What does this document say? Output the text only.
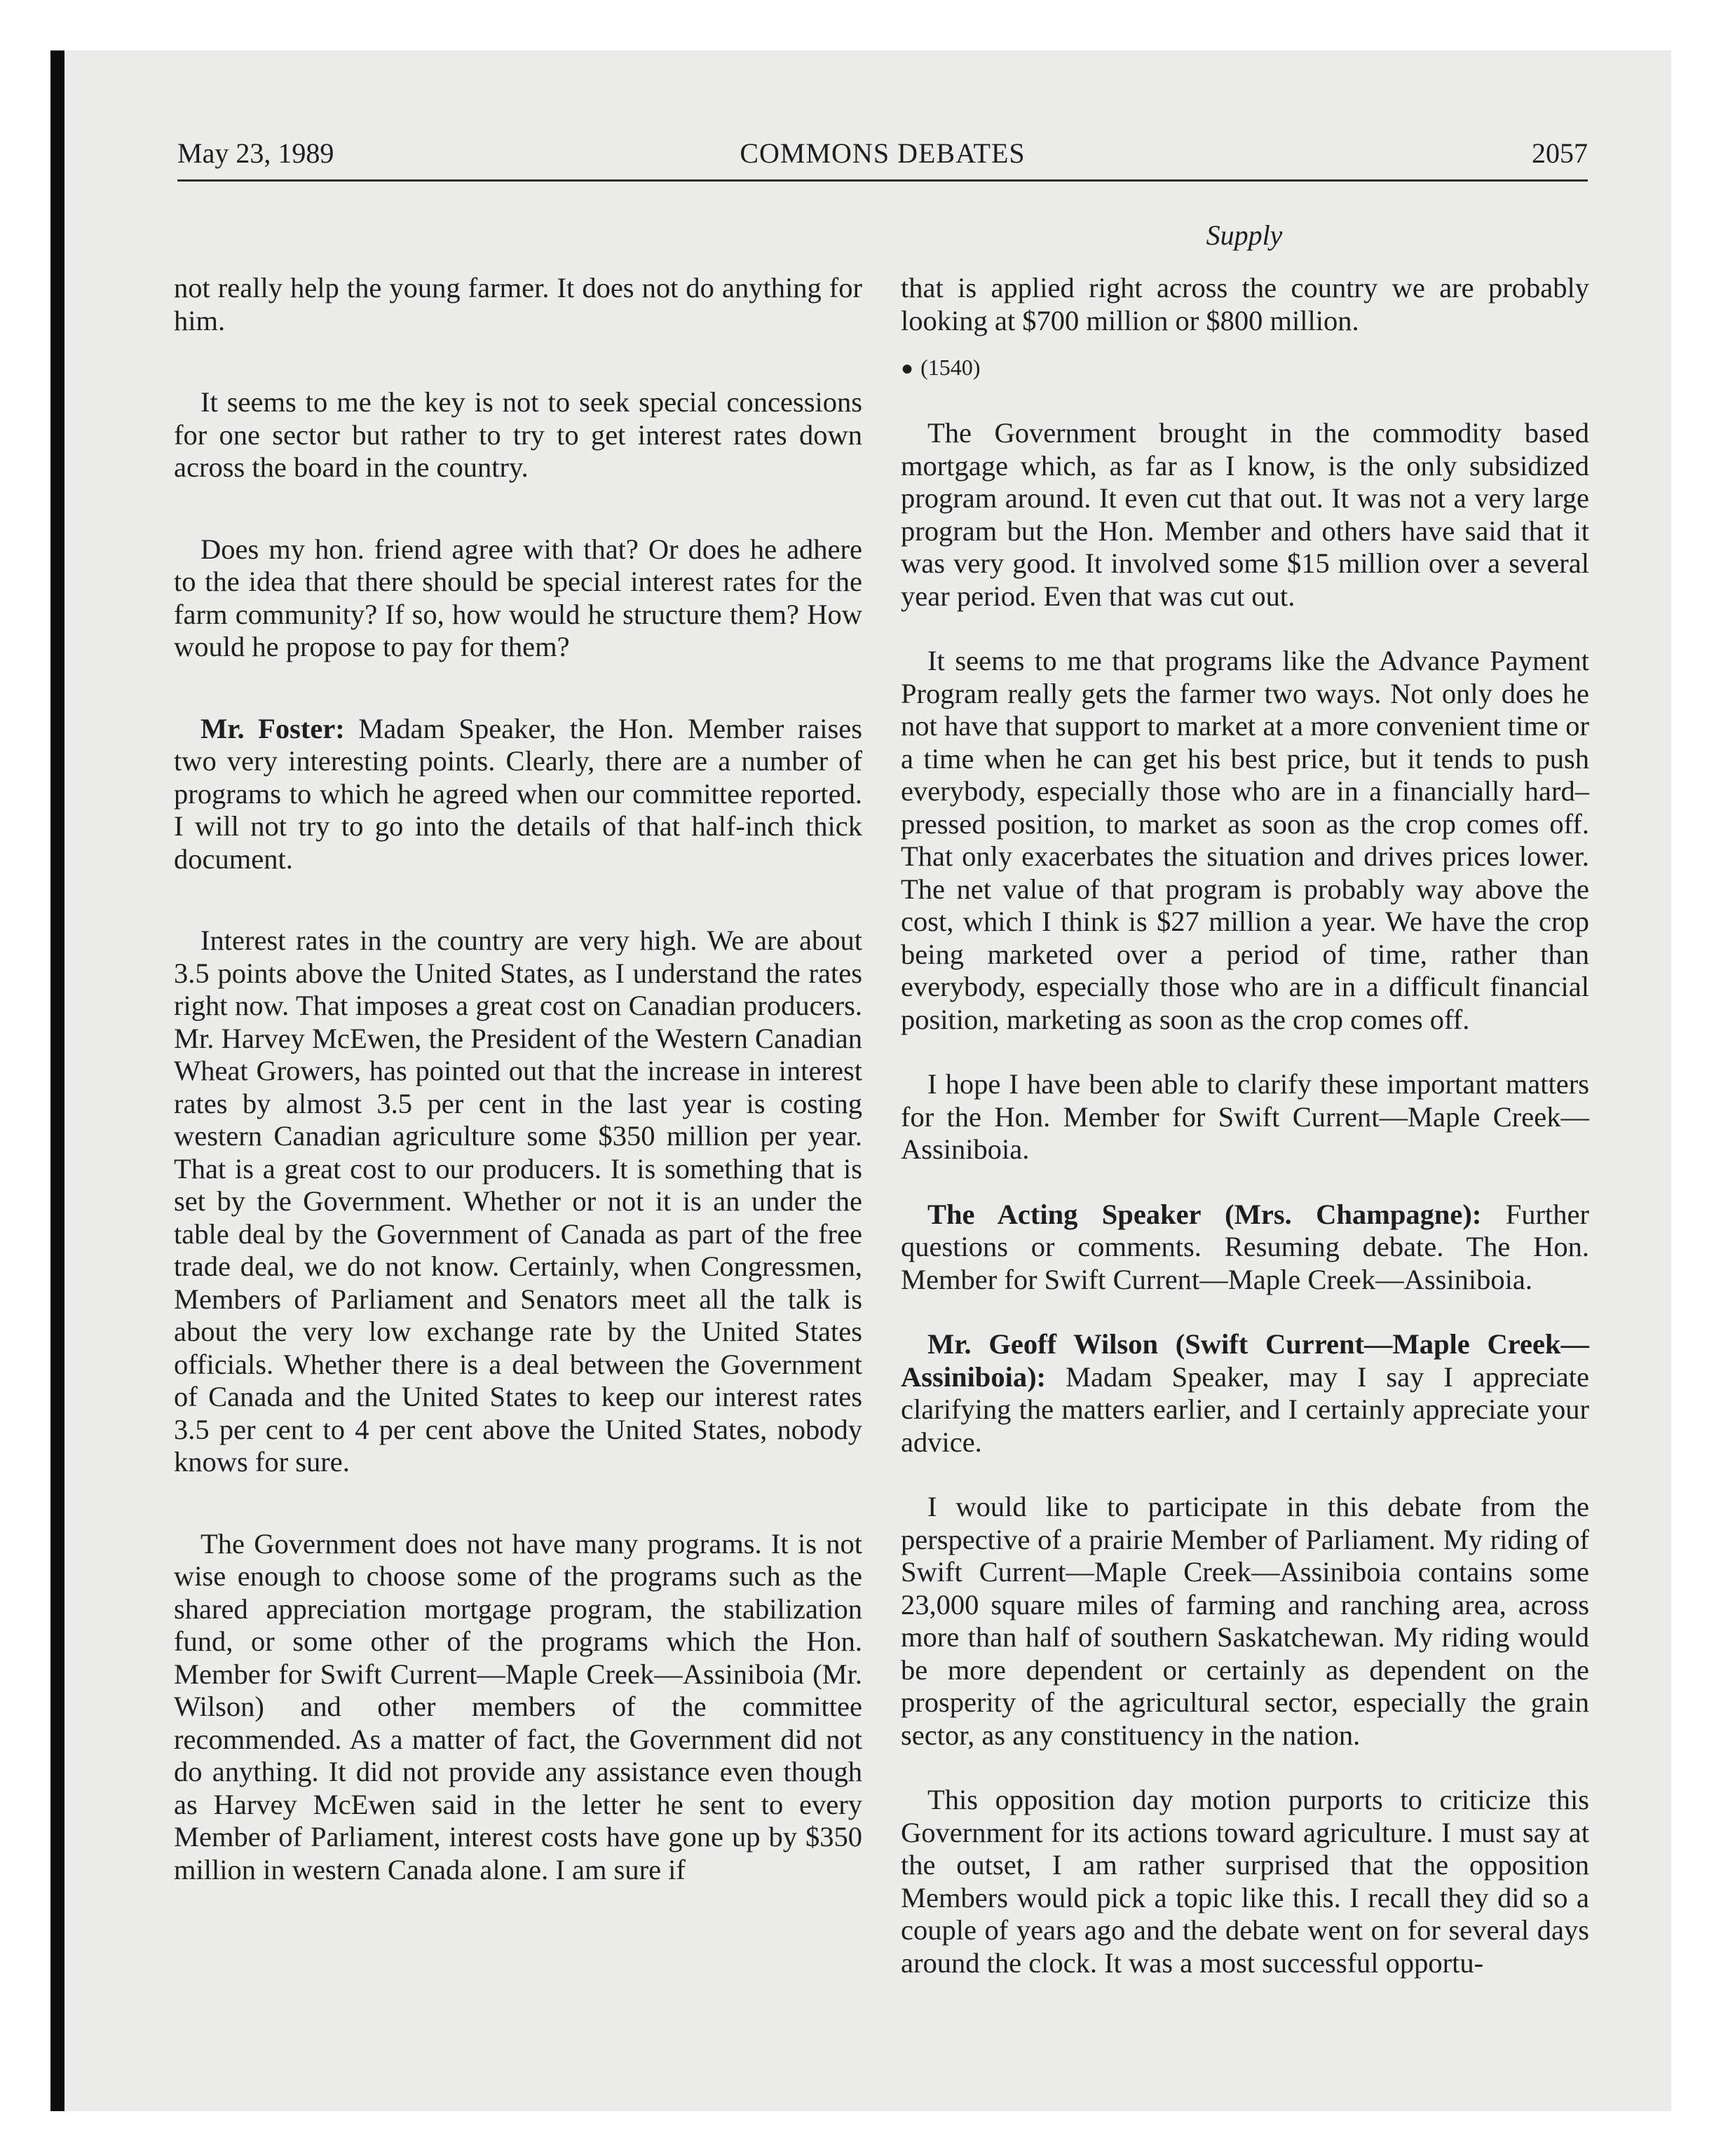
May 23, 1989	COMMONS DEBATES	2057
Supply

not really help the young farmer. It does not do anything for him.

It seems to me the key is not to seek special concessions for one sector but rather to try to get interest rates down across the board in the country.

Does my hon. friend agree with that? Or does he adhere to the idea that there should be special interest rates for the farm community? If so, how would he structure them? How would he propose to pay for them?

Mr. Foster: Madam Speaker, the Hon. Member raises two very interesting points. Clearly, there are a number of programs to which he agreed when our committee reported. I will not try to go into the details of that half-inch thick document.

Interest rates in the country are very high. We are about 3.5 points above the United States, as I understand the rates right now. That imposes a great cost on Canadian producers. Mr. Harvey McEwen, the President of the Western Canadian Wheat Growers, has pointed out that the increase in interest rates by almost 3.5 per cent in the last year is costing western Canadian agriculture some $350 million per year. That is a great cost to our producers. It is something that is set by the Government. Whether or not it is an under the table deal by the Government of Canada as part of the free trade deal, we do not know. Certainly, when Congressmen, Members of Parliament and Senators meet all the talk is about the very low exchange rate by the United States officials. Whether there is a deal between the Government of Canada and the United States to keep our interest rates 3.5 per cent to 4 per cent above the United States, nobody knows for sure.

The Government does not have many programs. It is not wise enough to choose some of the programs such as the shared appreciation mortgage program, the stabilization fund, or some other of the programs which the Hon. Member for Swift Current—Maple Creek—Assiniboia (Mr. Wilson) and other members of the committee recommended. As a matter of fact, the Government did not do anything. It did not provide any assistance even though as Harvey McEwen said in the letter he sent to every Member of Parliament, interest costs have gone up by $350 million in western Canada alone. I am sure if

that is applied right across the country we are probably looking at $700 million or $800 million.

● (1540)

The Government brought in the commodity based mortgage which, as far as I know, is the only subsidized program around. It even cut that out. It was not a very large program but the Hon. Member and others have said that it was very good. It involved some $15 million over a several year period. Even that was cut out.

It seems to me that programs like the Advance Payment Program really gets the farmer two ways. Not only does he not have that support to market at a more convenient time or a time when he can get his best price, but it tends to push everybody, especially those who are in a financially hard–pressed position, to market as soon as the crop comes off. That only exacerbates the situation and drives prices lower. The net value of that program is probably way above the cost, which I think is $27 million a year. We have the crop being marketed over a period of time, rather than everybody, especially those who are in a difficult financial position, marketing as soon as the crop comes off.

I hope I have been able to clarify these important matters for the Hon. Member for Swift Current—Maple Creek—Assiniboia.

The Acting Speaker (Mrs. Champagne): Further questions or comments. Resuming debate. The Hon. Member for Swift Current—Maple Creek—Assiniboia.

Mr. Geoff Wilson (Swift Current—Maple Creek—Assiniboia): Madam Speaker, may I say I appreciate clarifying the matters earlier, and I certainly appreciate your advice.

I would like to participate in this debate from the perspective of a prairie Member of Parliament. My riding of Swift Current—Maple Creek—Assiniboia contains some 23,000 square miles of farming and ranching area, across more than half of southern Saskatchewan. My riding would be more dependent or certainly as dependent on the prosperity of the agricultural sector, especially the grain sector, as any constituency in the nation.

This opposition day motion purports to criticize this Government for its actions toward agriculture. I must say at the outset, I am rather surprised that the opposition Members would pick a topic like this. I recall they did so a couple of years ago and the debate went on for several days around the clock. It was a most successful opportu-
